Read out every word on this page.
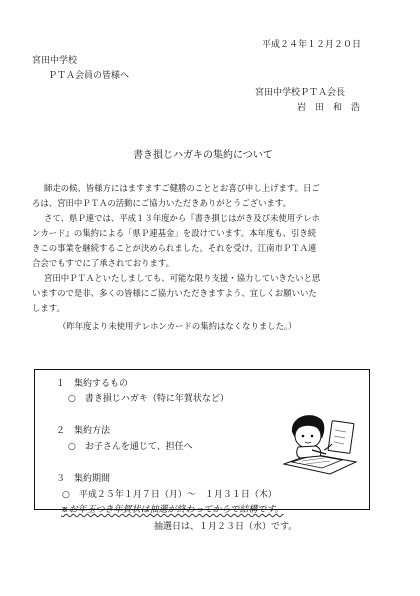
平成２４年１２月２０日
宮田中学校
ＰＴＡ会員の皆様へ
宮田中学校ＰＴＡ会長
岩　田　和　浩
書き損じハガキの集約について

師走の候、皆様方にはますますご健勝のこととお喜び申し上げます。日ご

ろは、宮田中ＰＴＡの活動にご協力いただきありがとうございます。

さて、県Ｐ連では、平成１３年度から『書き損じはがき及び未使用テレホ

ンカード』の集約による「県Ｐ連基金」を設けています。本年度も、引き続

きこの事業を継続することが決められました。それを受け、江南市ＰＴＡ連

合会でもすでに了承されております。

宮田中ＰＴＡといたしましても、可能な限り支援・協力していきたいと思

いますので是非、多くの皆様にご協力いただきますよう、宜しくお願いいた

します。

（昨年度より未使用テレホンカードの集約はなくなりました。）

１　集約するもの
○　書き損じハガキ（特に年賀状など）
２　集約方法
○　お子さんを通じて、担任へ
３　集約期間
○　平成２５年１月７日（月）～　１月３１日（木）
※お年玉つき年賀状は抽選が終わってからで結構です。
抽選日は、１月２３日（水）です。
